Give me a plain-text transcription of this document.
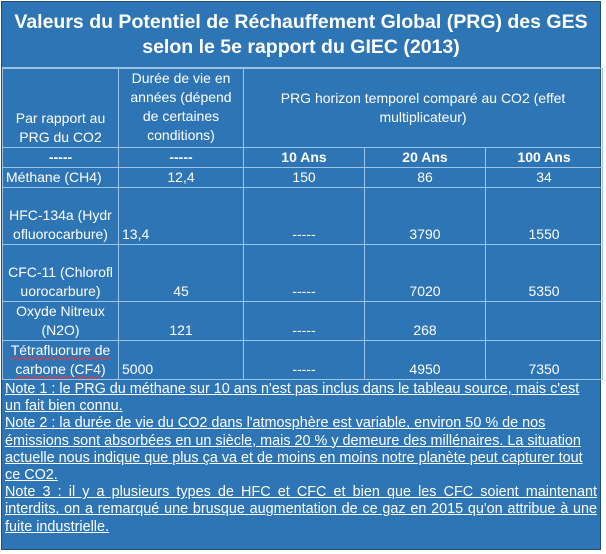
Valeurs du Potentiel de Réchauffement Global (PRG) des GES selon le 5e rapport du GIEC (2013)
Par rapport au PRG du CO2	Durée de vie en années (dépend de certaines conditions)	PRG horizon temporel comparé au CO2 (effet multiplicateur)		
-----	-----	10 Ans	20 Ans	100 Ans
Méthane (CH4)	12,4	150	86	34
HFC-134a (Hydrofluorocarbure)	13,4	-----	3790	1550
CFC-11 (Chlorofluorocarbure)	45	-----	7020	5350
Oxyde Nitreux (N2O)	121	-----	268	
Tétrafluorure de carbone (CF4)	5000	-----	4950	7350

Note 1 : le PRG du méthane sur 10 ans n'est pas inclus dans le tableau source, mais c'est un fait bien connu.

Note 2 : la durée de vie du CO2 dans l'atmosphère est variable, environ 50 % de nos émissions sont absorbées en un siècle, mais 20 % y demeure des millénaires. La situation actuelle nous indique que plus ça va et de moins en moins notre planète peut capturer tout ce CO2.

Note 3 : il y a plusieurs types de HFC et CFC et bien que les CFC soient maintenant interdits, on a remarqué une brusque augmentation de ce gaz en 2015 qu'on attribue à une fuite industrielle.
